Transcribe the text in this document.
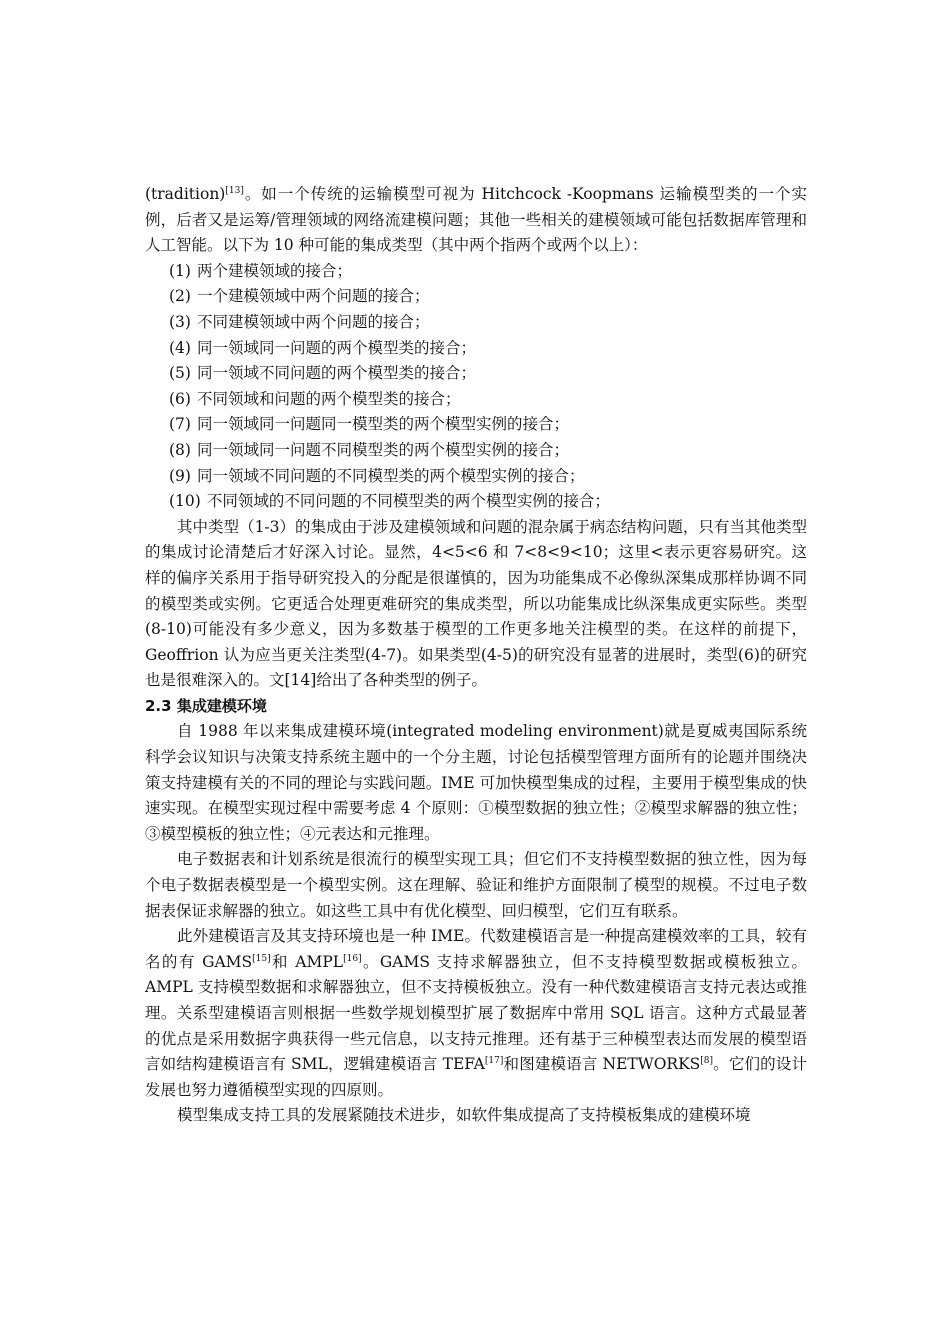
(tradition)[13]。如一个传统的运输模型可视为 Hitchcock -Koopmans 运输模型类的一个实例，后者又是运筹/管理领域的网络流建模问题；其他一些相关的建模领域可能包括数据库管理和人工智能。以下为 10 种可能的集成类型（其中两个指两个或两个以上）：

(1) 两个建模领域的接合；
(2) 一个建模领域中两个问题的接合；
(3) 不同建模领域中两个问题的接合；
(4) 同一领域同一问题的两个模型类的接合；
(5) 同一领域不同问题的两个模型类的接合；
(6) 不同领域和问题的两个模型类的接合；
(7) 同一领域同一问题同一模型类的两个模型实例的接合；
(8) 同一领域同一问题不同模型类的两个模型实例的接合；
(9) 同一领域不同问题的不同模型类的两个模型实例的接合；
(10) 不同领域的不同问题的不同模型类的两个模型实例的接合；

其中类型（1-3）的集成由于涉及建模领域和问题的混杂属于病态结构问题，只有当其他类型的集成讨论清楚后才好深入讨论。显然，4<5<6 和 7<8<9<10；这里<表示更容易研究。这样的偏序关系用于指导研究投入的分配是很谨慎的，因为功能集成不必像纵深集成那样协调不同的模型类或实例。它更适合处理更难研究的集成类型，所以功能集成比纵深集成更实际些。类型(8-10)可能没有多少意义，因为多数基于模型的工作更多地关注模型的类。在这样的前提下，Geoffrion 认为应当更关注类型(4-7)。如果类型(4-5)的研究没有显著的进展时，类型(6)的研究也是很难深入的。文[14]给出了各种类型的例子。

2.3 集成建模环境

自 1988 年以来集成建模环境(integrated modeling environment)就是夏威夷国际系统科学会议知识与决策支持系统主题中的一个分主题，讨论包括模型管理方面所有的论题并围绕决策支持建模有关的不同的理论与实践问题。IME 可加快模型集成的过程，主要用于模型集成的快速实现。在模型实现过程中需要考虑 4 个原则：①模型数据的独立性；②模型求解器的独立性；③模型模板的独立性；④元表达和元推理。

电子数据表和计划系统是很流行的模型实现工具；但它们不支持模型数据的独立性，因为每个电子数据表模型是一个模型实例。这在理解、验证和维护方面限制了模型的规模。不过电子数据表保证求解器的独立。如这些工具中有优化模型、回归模型，它们互有联系。

此外建模语言及其支持环境也是一种 IME。代数建模语言是一种提高建模效率的工具，较有名的有 GAMS[15]和 AMPL[16]。GAMS 支持求解器独立，但不支持模型数据或模板独立。AMPL 支持模型数据和求解器独立，但不支持模板独立。没有一种代数建模语言支持元表达或推理。关系型建模语言则根据一些数学规划模型扩展了数据库中常用 SQL 语言。这种方式最显著的优点是采用数据字典获得一些元信息，以支持元推理。还有基于三种模型表达而发展的模型语言如结构建模语言有 SML，逻辑建模语言 TEFA[17]和图建模语言 NETWORKS[8]。它们的设计发展也努力遵循模型实现的四原则。

模型集成支持工具的发展紧随技术进步，如软件集成提高了支持模板集成的建模环境
